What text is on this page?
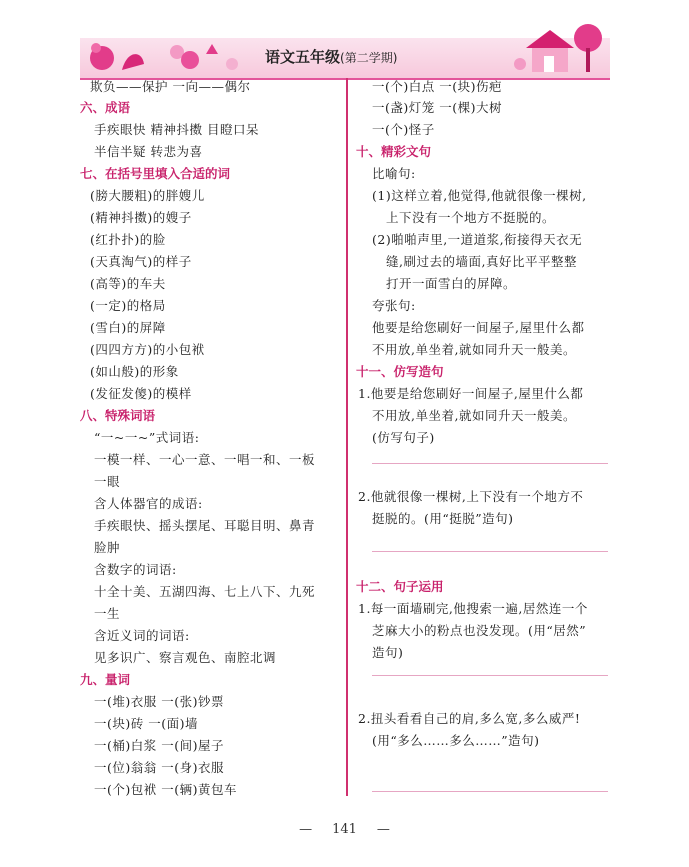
语文五年级(第二学期)
欺负——保护 一向——偶尔
六、成语
手疾眼快 精神抖擞 目瞪口呆
半信半疑 转悲为喜
七、在括号里填入合适的词
(膀大腰粗)的胖嫂儿
(精神抖擞)的嫂子
(红扑扑)的脸
(天真淘气)的样子
(高等)的车夫
(一定)的格局
(雪白)的屏障
(四四方方)的小包袱
(如山般)的形象
(发征发傻)的模样
八、特殊词语
“一~一~”式词语:
一模一样、一心一意、一唱一和、一板
一眼
含人体器官的成语:
手疾眼快、摇头摆尾、耳聪目明、鼻青
脸肿
含数字的词语:
十全十美、五湖四海、七上八下、九死
一生
含近义词的词语:
见多识广、察言观色、南腔北调
九、量词
一(堆)衣服 一(张)钞票
一(块)砖 一(面)墙
一(桶)白浆 一(间)屋子
一(位)翁翁 一(身)衣服
一(个)包袱 一(辆)黄包车
一(个)白点 一(块)伤疤
一(盏)灯笼 一(棵)大树
一(个)怪子
十、精彩文句
比喻句:
(1)这样立着,他觉得,他就很像一棵树,
上下没有一个地方不挺脱的。
(2)啪啪声里,一道道浆,衔接得天衣无
缝,刷过去的墙面,真好比平平整整
打开一面雪白的屏障。
夸张句:
他要是给您刷好一间屋子,屋里什么都
不用放,单坐着,就如同升天一般美。
十一、仿写造句
1.他要是给您刷好一间屋子,屋里什么都
不用放,单坐着,就如同升天一般美。
(仿写句子)
2.他就很像一棵树,上下没有一个地方不
挺脱的。(用“挺脱”造句)
十二、句子运用
1.每一面墙刷完,他搜索一遍,居然连一个
芝麻大小的粉点也没发现。(用“居然”
造句)
2.扭头看看自己的肩,多么宽,多么威严!
(用“多么……多么……”造句)
— 141 —
